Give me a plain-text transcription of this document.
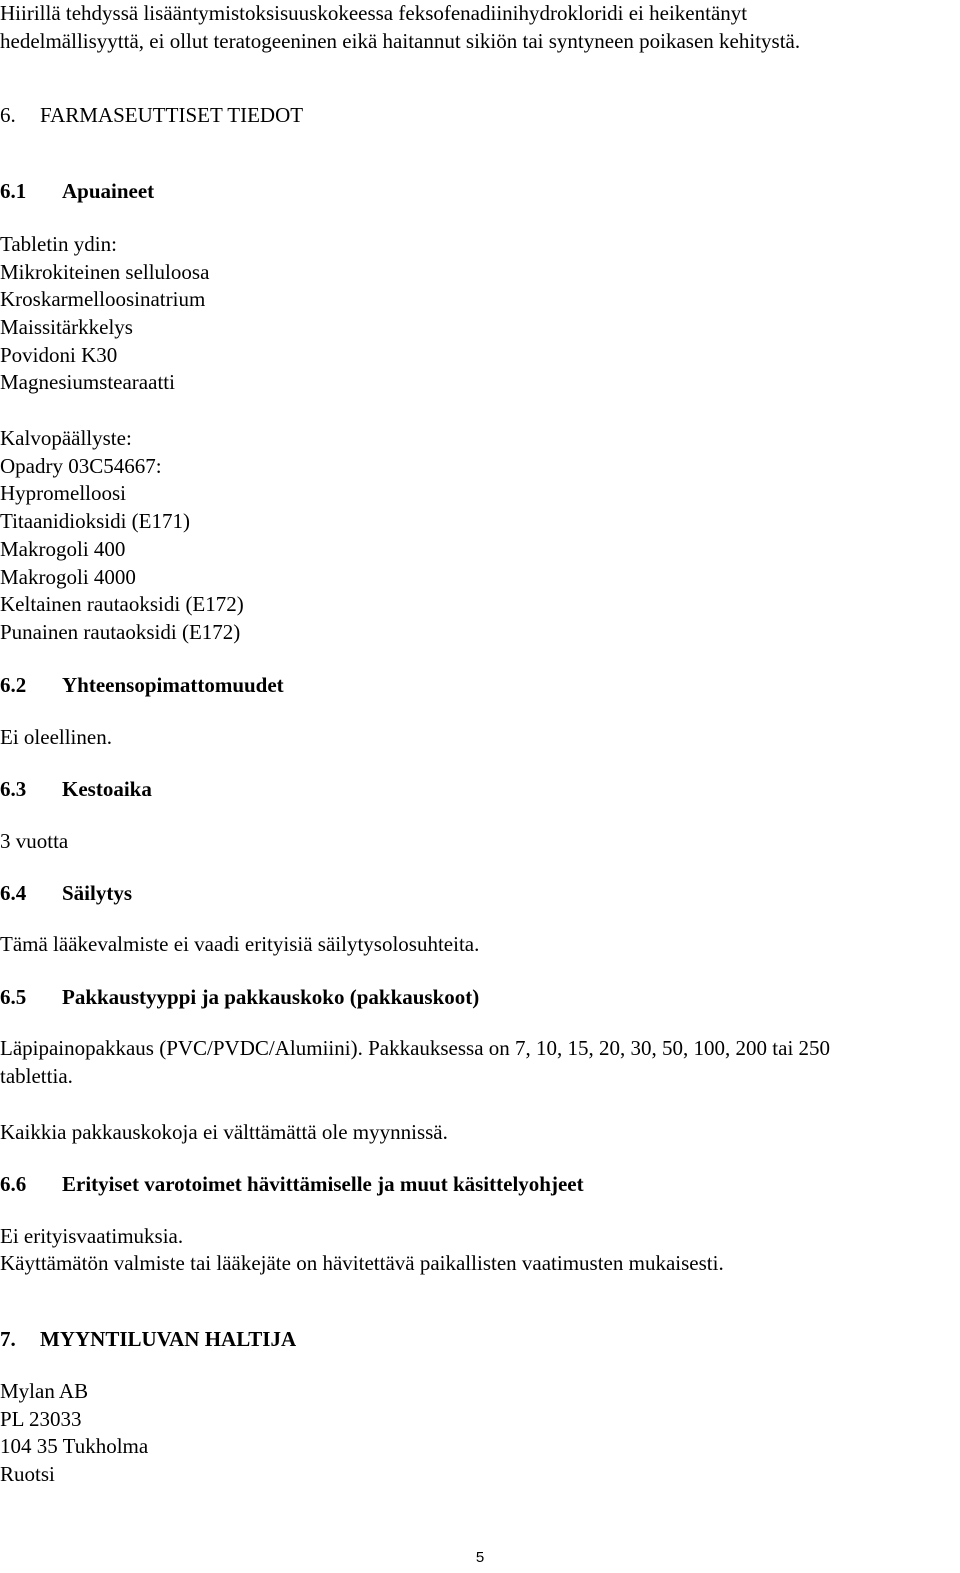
Hiirillä tehdyssä lisääntymistoksisuuskokeessa feksofenadiinihydrokloridi ei heikentänyt

hedelmällisyyttä, ei ollut teratogeeninen eikä haitannut sikiön tai syntyneen poikasen kehitystä.

6. FARMASEUTTISET TIEDOT

6.1 Apuaineet

Tabletin ydin:

Mikrokiteinen selluloosa

Kroskarmelloosinatrium

Maissitärkkelys

Povidoni K30

Magnesiumstearaatti

Kalvopäällyste:

Opadry 03C54667:

Hypromelloosi

Titaanidioksidi (E171)

Makrogoli 400

Makrogoli 4000

Keltainen rautaoksidi (E172)

Punainen rautaoksidi (E172)

6.2 Yhteensopimattomuudet

Ei oleellinen.

6.3 Kestoaika

3 vuotta

6.4 Säilytys

Tämä lääkevalmiste ei vaadi erityisiä säilytysolosuhteita.

6.5 Pakkaustyyppi ja pakkauskoko (pakkauskoot)

Läpipainopakkaus (PVC/PVDC/Alumiini). Pakkauksessa on 7, 10, 15, 20, 30, 50, 100, 200 tai 250

tablettia.

Kaikkia pakkauskokoja ei välttämättä ole myynnissä.

6.6 Erityiset varotoimet hävittämiselle ja muut käsittelyohjeet

Ei erityisvaatimuksia.

Käyttämätön valmiste tai lääkejäte on hävitettävä paikallisten vaatimusten mukaisesti.

7. MYYNTILUVAN HALTIJA

Mylan AB

PL 23033

104 35 Tukholma

Ruotsi

5
